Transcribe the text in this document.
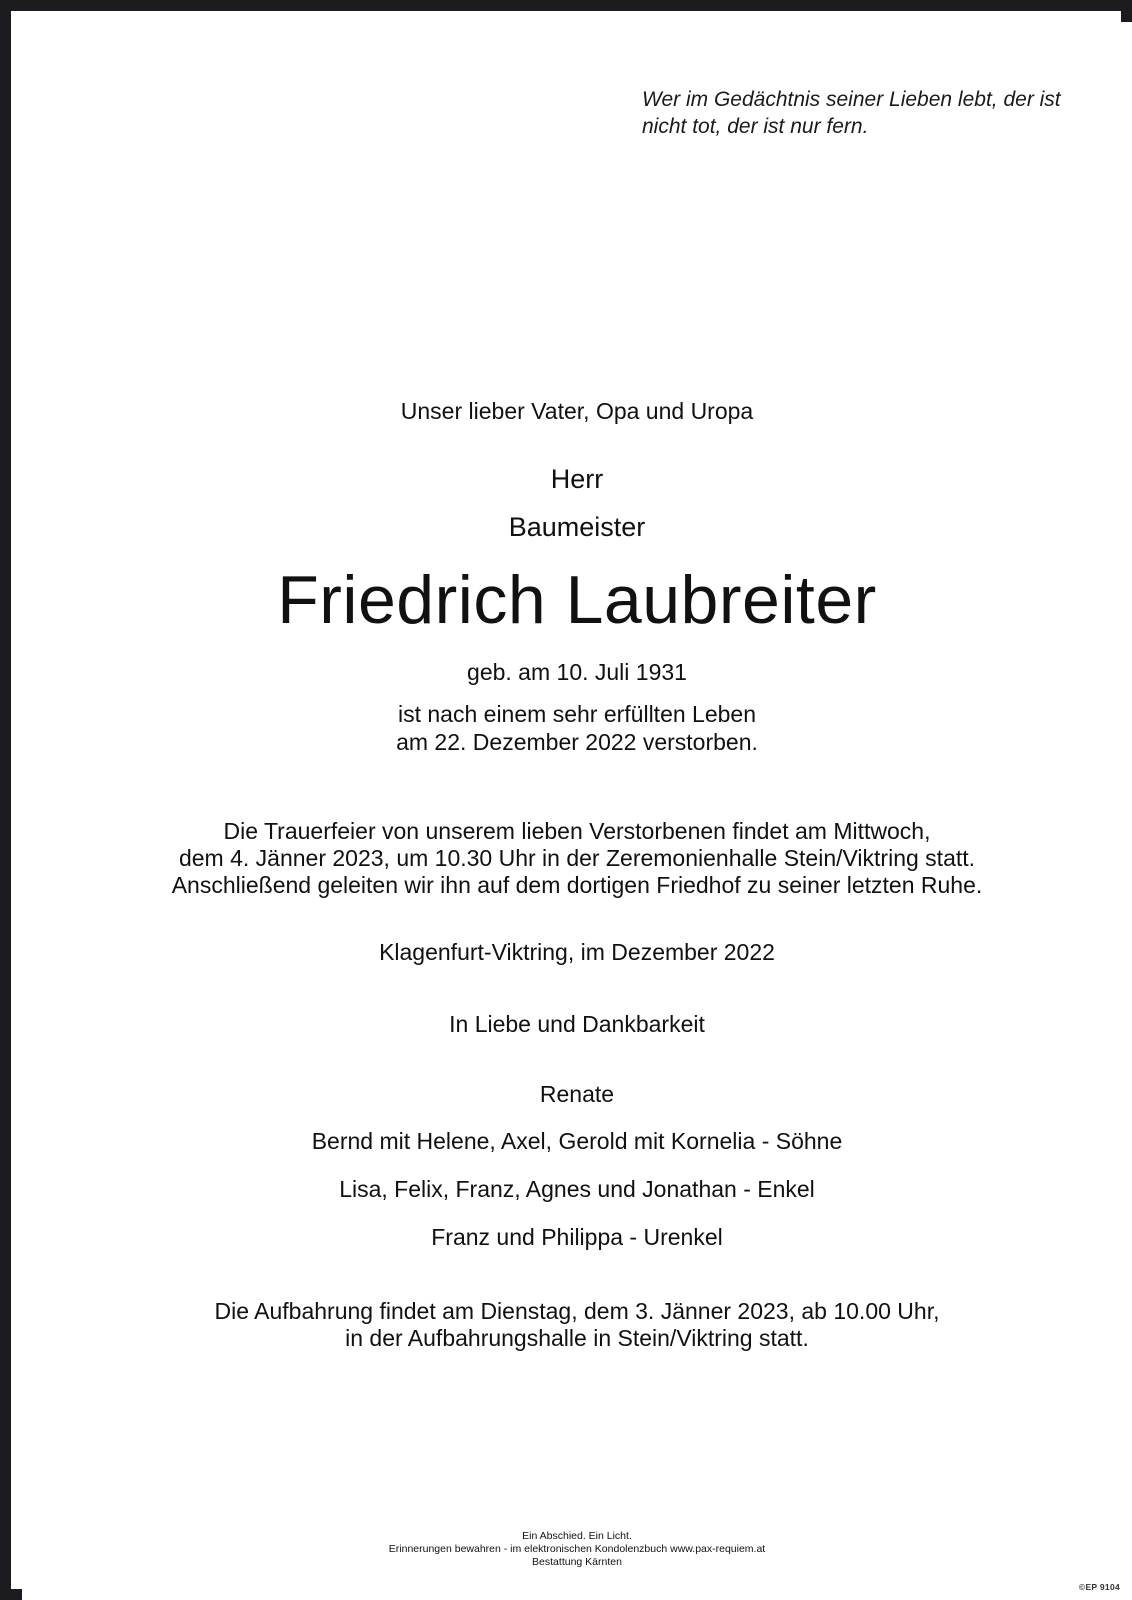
Wer im Gedächtnis seiner Lieben lebt, der ist
nicht tot, der ist nur fern.
Unser lieber Vater, Opa und Uropa
Herr
Baumeister
Friedrich Laubreiter
geb. am 10. Juli 1931
ist nach einem sehr erfüllten Leben
am 22. Dezember 2022 verstorben.
Die Trauerfeier von unserem lieben Verstorbenen findet am Mittwoch,
dem 4. Jänner 2023, um 10.30 Uhr in der Zeremonienhalle Stein/Viktring statt.
Anschließend geleiten wir ihn auf dem dortigen Friedhof zu seiner letzten Ruhe.
Klagenfurt-Viktring, im Dezember 2022
In Liebe und Dankbarkeit
Renate
Bernd mit Helene, Axel, Gerold mit Kornelia - Söhne
Lisa, Felix, Franz, Agnes und Jonathan - Enkel
Franz und Philippa - Urenkel
Die Aufbahrung findet am Dienstag, dem 3. Jänner 2023, ab 10.00 Uhr,
in der Aufbahrungshalle in Stein/Viktring statt.
Ein Abschied. Ein Licht.
Erinnerungen bewahren - im elektronischen Kondolenzbuch www.pax-requiem.at
Bestattung Kärnten
©EP 9104
